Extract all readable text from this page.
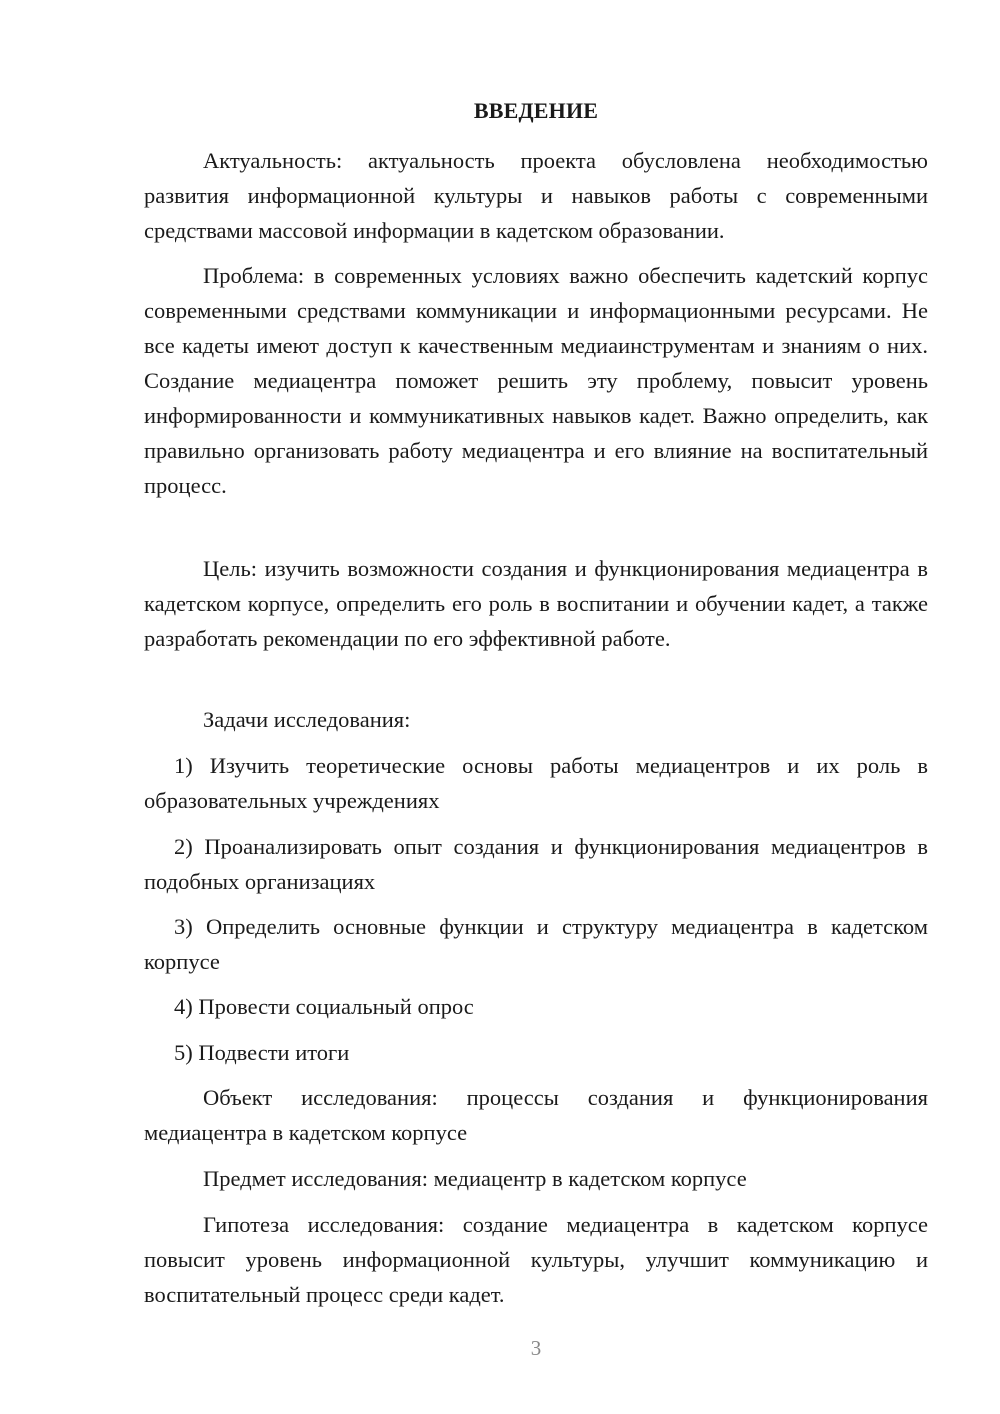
ВВЕДЕНИЕ

Актуальность: актуальность проекта обусловлена необходимостью развития информационной культуры и навыков работы с современными средствами массовой информации в кадетском образовании.

Проблема: в современных условиях важно обеспечить кадетский корпус современными средствами коммуникации и информационными ресурсами. Не все кадеты имеют доступ к качественным медиаинструментам и знаниям о них. Создание медиацентра поможет решить эту проблему, повысит уровень информированности и коммуникативных навыков кадет. Важно определить, как правильно организовать работу медиацентра и его влияние на воспитательный процесс.

Цель: изучить возможности создания и функционирования медиацентра в кадетском корпусе, определить его роль в воспитании и обучении кадет, а также разработать рекомендации по его эффективной работе.

Задачи исследования:

1) Изучить теоретические основы работы медиацентров и их роль в образовательных учреждениях

2) Проанализировать опыт создания и функционирования медиацентров в подобных организациях

3) Определить основные функции и структуру медиацентра в кадетском корпусе

4) Провести социальный опрос

5) Подвести итоги

Объект исследования: процессы создания и функционирования медиацентра в кадетском корпусе

Предмет исследования: медиацентр в кадетском корпусе

Гипотеза исследования: создание медиацентра в кадетском корпусе повысит уровень информационной культуры, улучшит коммуникацию и воспитательный процесс среди кадет.

3
